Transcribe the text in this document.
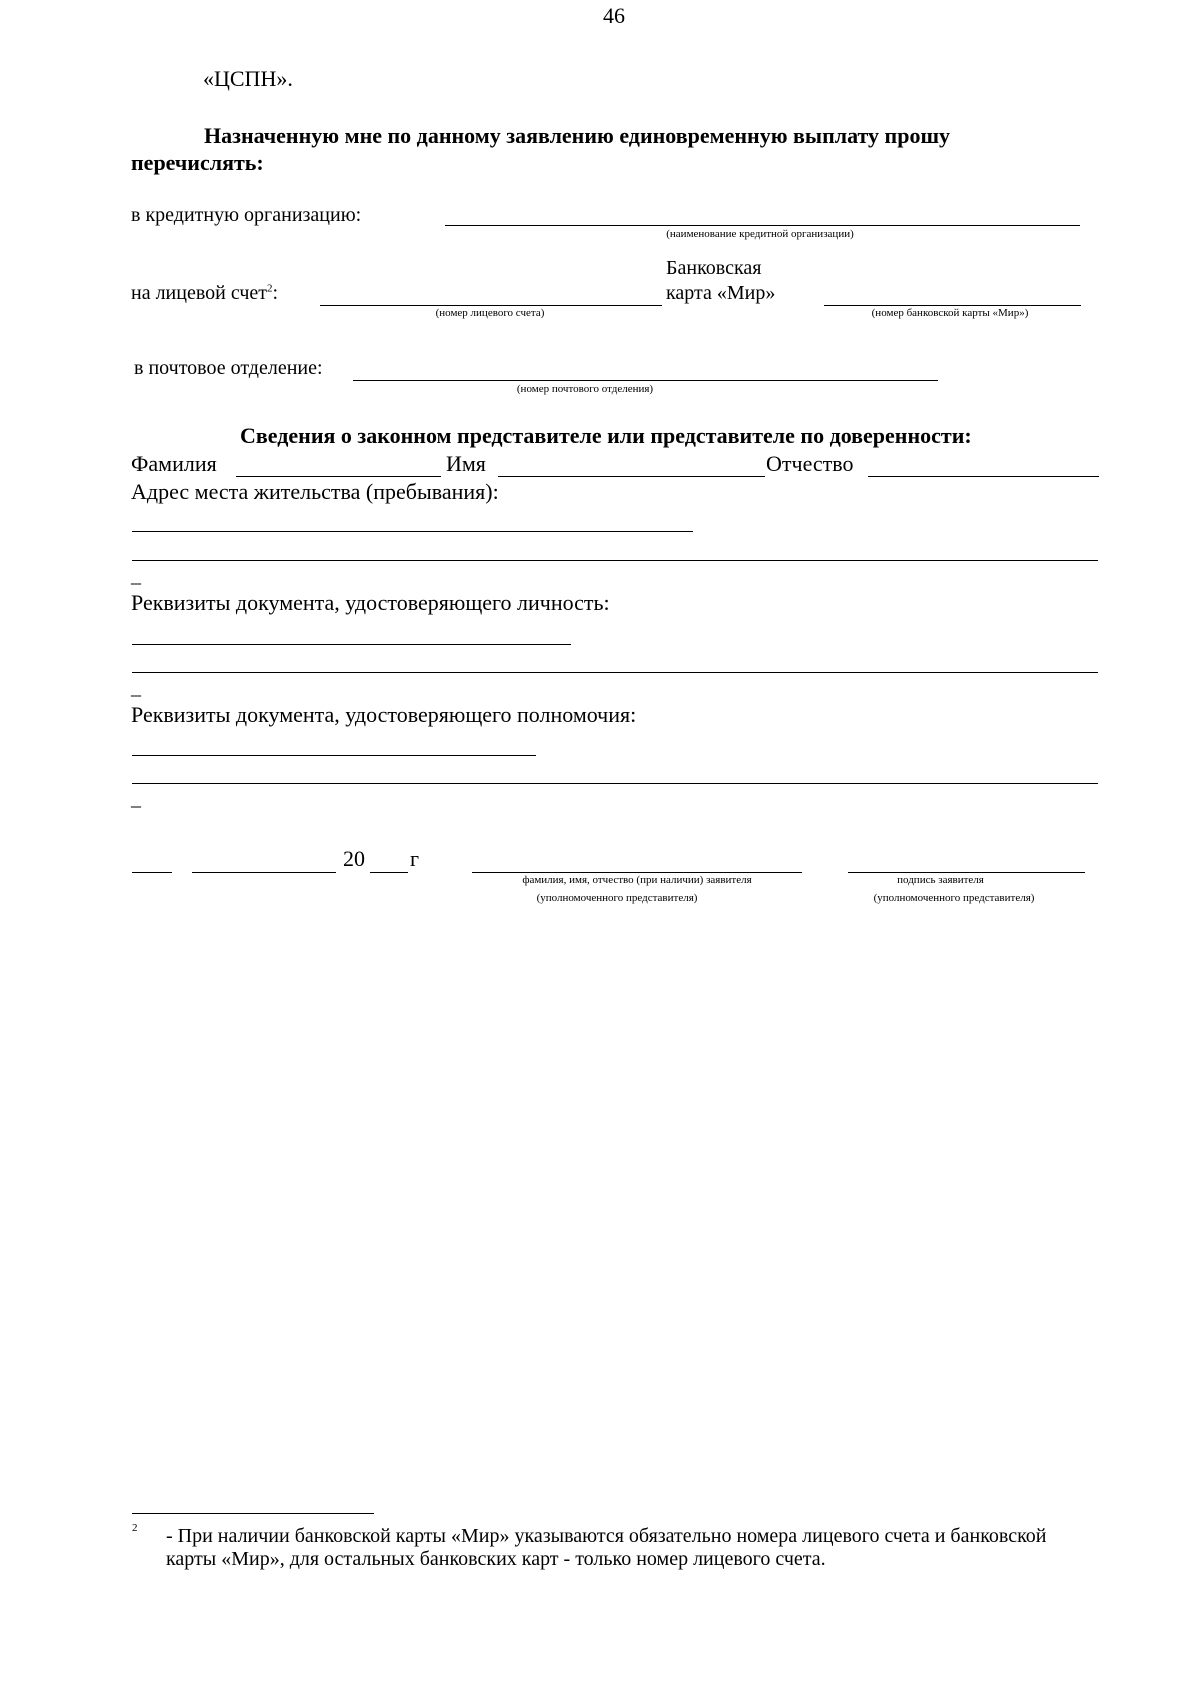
46
«ЦСПН».
Назначенную мне по данному заявлению единовременную выплату прошу
перечислять:
в кредитную организацию:
(наименование кредитной организации)
Банковская
на лицевой счет$^2$:	карта «Мир»
(номер лицевого счета)	(номер банковской карты «Мир»)
в почтовое отделение:
(номер почтового отделения)
Сведения о законном представителе или представителе по доверенности:
Фамилия	Имя	Отчество
Адрес места жительства (пребывания):
_
Реквизиты документа, удостоверяющего личность:
_
Реквизиты документа, удостоверяющего полномочия:
_
20 г
фамилия, имя, отчество (при наличии) заявителя
(уполномоченного представителя)
подпись заявителя
(уполномоченного представителя)
2 - При наличии банковской карты «Мир» указываются обязательно номера лицевого счета и банковской
карты «Мир», для остальных банковских карт - только номер лицевого счета.
